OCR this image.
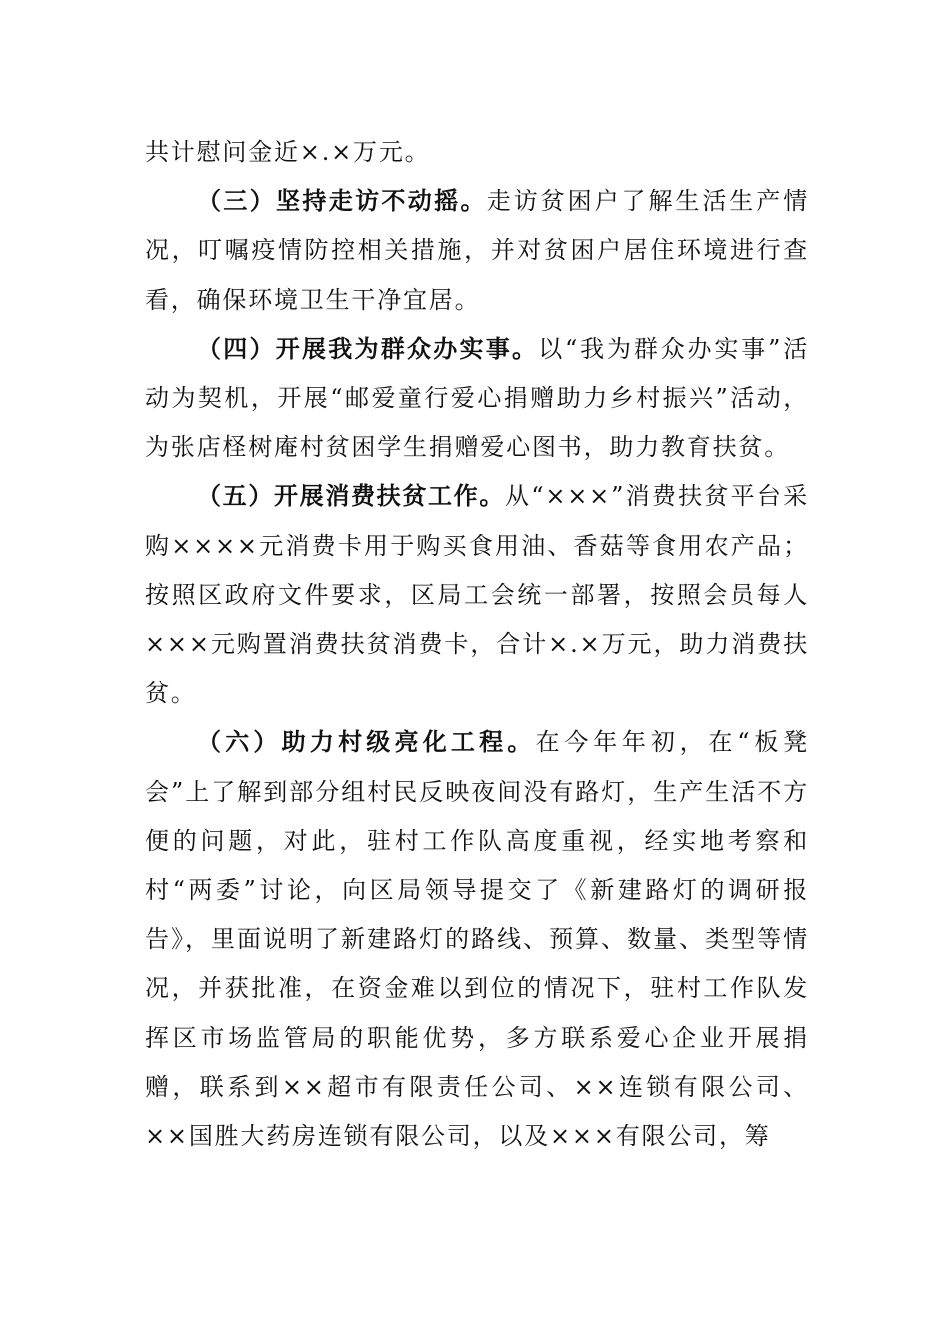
共计慰问金近×.×万元。

（三）坚持走访不动摇。走访贫困户了解生活生产情况，叮嘱疫情防控相关措施，并对贫困户居住环境进行查看，确保环境卫生干净宜居。

（四）开展我为群众办实事。以“我为群众办实事”活动为契机，开展“邮爱童行爱心捐赠助力乡村振兴”活动，为张店柽树庵村贫困学生捐赠爱心图书，助力教育扶贫。

（五）开展消费扶贫工作。从“×××”消费扶贫平台采购××××元消费卡用于购买食用油、香菇等食用农产品；按照区政府文件要求，区局工会统一部署，按照会员每人×××元购置消费扶贫消费卡，合计×.×万元，助力消费扶贫。

（六）助力村级亮化工程。在今年年初，在“板凳会”上了解到部分组村民反映夜间没有路灯，生产生活不方便的问题，对此，驻村工作队高度重视，经实地考察和村“两委”讨论，向区局领导提交了《新建路灯的调研报告》，里面说明了新建路灯的路线、预算、数量、类型等情况，并获批准，在资金难以到位的情况下，驻村工作队发挥区市场监管局的职能优势，多方联系爱心企业开展捐赠，联系到××超市有限责任公司、××连锁有限公司、××国胜大药房连锁有限公司，以及×××有限公司，筹
